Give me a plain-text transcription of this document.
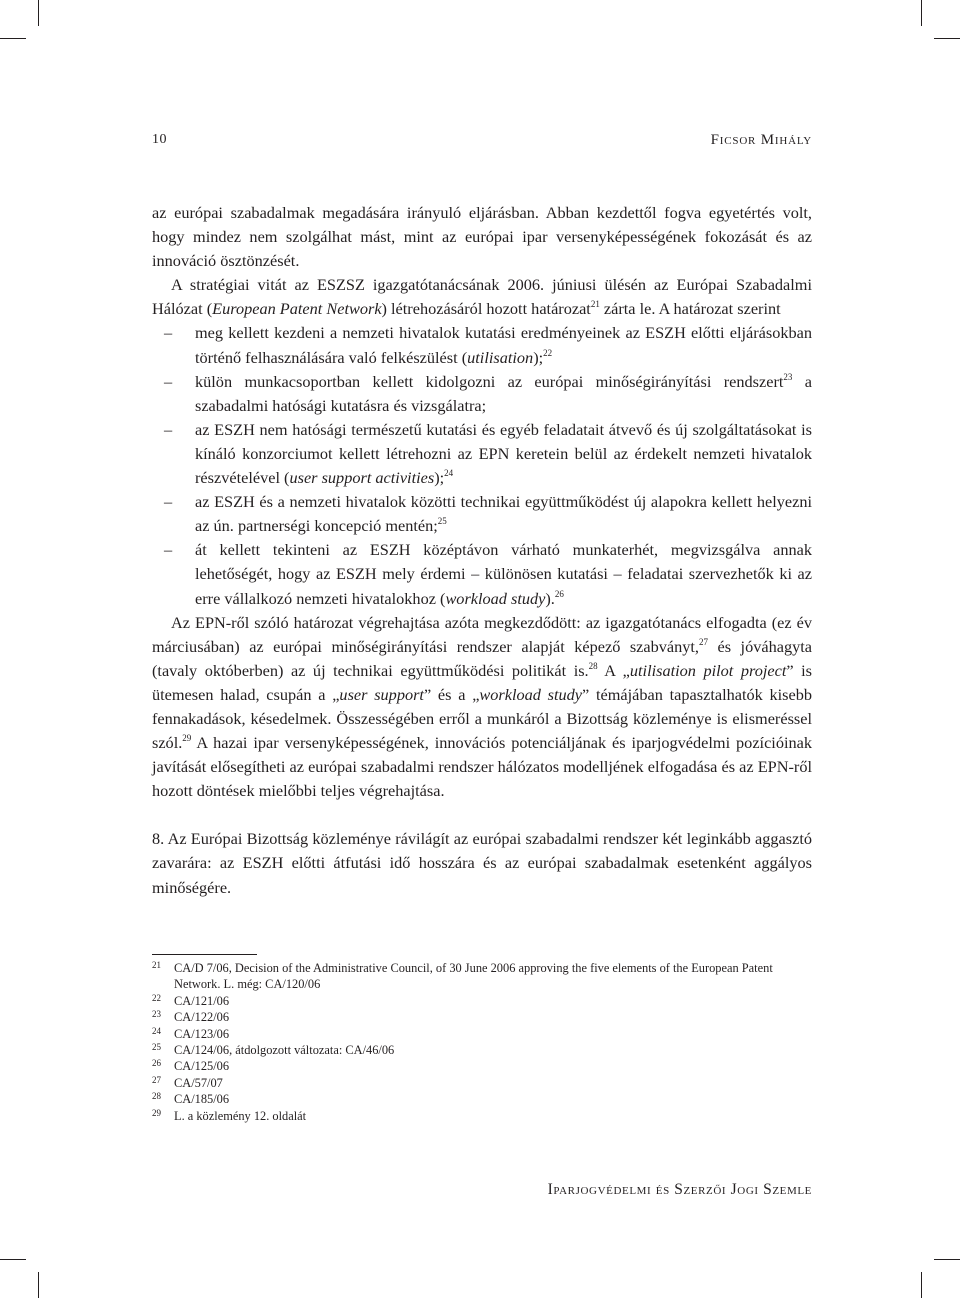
10	Ficsor Mihály

az európai szabadalmak megadására irányuló eljárásban. Abban kezdettől fogva egyetértés volt, hogy mindez nem szolgálhat mást, mint az európai ipar versenyképességének fokozását és az innováció ösztönzését.

A stratégiai vitát az ESZSZ igazgatótanácsának 2006. júniusi ülésén az Európai Szabadalmi Hálózat (European Patent Network) létrehozásáról hozott határozat$^{21}$ zárta le. A határozat szerint

– meg kellett kezdeni a nemzeti hivatalok kutatási eredményeinek az ESZH előtti eljárásokban történő felhasználására való felkészülést (utilisation);$^{22}$
– külön munkacsoportban kellett kidolgozni az európai minőségirányítási rendszert$^{23}$ a szabadalmi hatósági kutatásra és vizsgálatra;
– az ESZH nem hatósági természetű kutatási és egyéb feladatait átvevő és új szolgáltatásokat is kínáló konzorciumot kellett létrehozni az EPN keretein belül az érdekelt nemzeti hivatalok részvételével (user support activities);$^{24}$
– az ESZH és a nemzeti hivatalok közötti technikai együttműködést új alapokra kellett helyezni az ún. partnerségi koncepció mentén;$^{25}$
– át kellett tekinteni az ESZH középtávon várható munkaterhét, megvizsgálva annak lehetőségét, hogy az ESZH mely érdemi – különösen kutatási – feladatai szervezhetők ki az erre vállalkozó nemzeti hivatalokhoz (workload study).$^{26}$

Az EPN-ről szóló határozat végrehajtása azóta megkezdődött: az igazgatótanács elfogadta (ez év márciusában) az európai minőségirányítási rendszer alapját képező szabványt,$^{27}$ és jóváhagyta (tavaly októberben) az új technikai együttműködési politikát is.$^{28}$ A „utilisation pilot project” is ütemesen halad, csupán a „user support” és a „workload study” témájában tapasztalhatók kisebb fennakadások, késedelmek. Összességében erről a munkáról a Bizottság közleménye is elismeréssel szól.$^{29}$ A hazai ipar versenyképességének, innovációs potenciáljának és iparjogvédelmi pozícióinak javítását elősegítheti az európai szabadalmi rendszer hálózatos modelljének elfogadása és az EPN-ről hozott döntések mielőbbi teljes végrehajtása.

8. Az Európai Bizottság közleménye rávilágít az európai szabadalmi rendszer két leginkább aggasztó zavarára: az ESZH előtti átfutási idő hosszára és az európai szabadalmak esetenként aggályos minőségére.

21 CA/D 7/06, Decision of the Administrative Council, of 30 June 2006 approving the five elements of the European Patent Network. L. még: CA/120/06
22 CA/121/06
23 CA/122/06
24 CA/123/06
25 CA/124/06, átdolgozott változata: CA/46/06
26 CA/125/06
27 CA/57/07
28 CA/185/06
29 L. a közlemény 12. oldalát
Iparjogvédelmi és Szerzői Jogi Szemle
